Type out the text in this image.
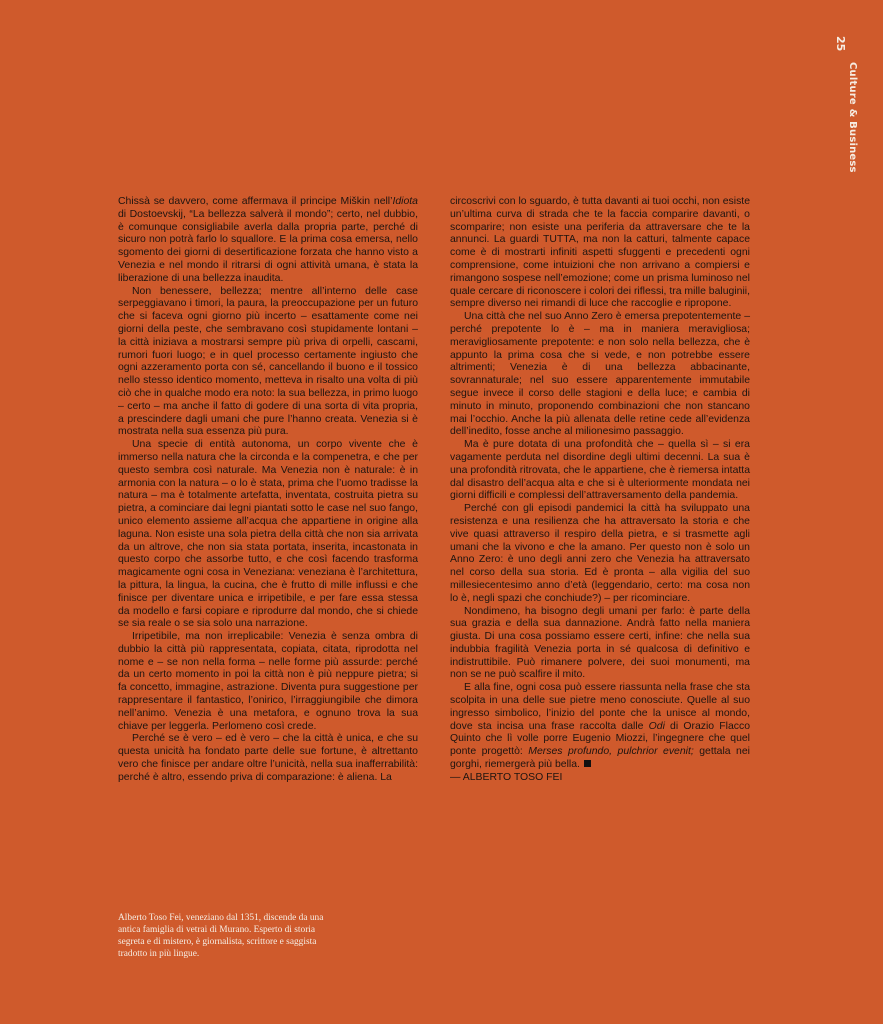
25
Culture & Business

Chissà se davvero, come affermava il principe Miškin nell’Idiota di Dostoevskij, “La bellezza salverà il mondo”; certo, nel dubbio, è comunque consigliabile averla dalla propria parte, perché di sicuro non potrà farlo lo squallore. E la prima cosa emersa, nello sgomento dei giorni di desertificazione forzata che hanno visto a Venezia e nel mondo il ritrarsi di ogni attività umana, è stata la liberazione di una bellezza inaudita.

Non benessere, bellezza; mentre all’interno delle case serpeggiavano i timori, la paura, la preoccupazione per un futuro che si faceva ogni giorno più incerto – esattamente come nei giorni della peste, che sembravano così stupidamente lontani – la città iniziava a mostrarsi sempre più priva di orpelli, cascami, rumori fuori luogo; e in quel processo certamente ingiusto che ogni azzeramento porta con sé, cancellando il buono e il tossico nello stesso identico momento, metteva in risalto una volta di più ciò che in qualche modo era noto: la sua bellezza, in primo luogo – certo – ma anche il fatto di godere di una sorta di vita propria, a prescindere dagli umani che pure l’hanno creata. Venezia si è mostrata nella sua essenza più pura.

Una specie di entità autonoma, un corpo vivente che è immerso nella natura che la circonda e la compenetra, e che per questo sembra così naturale. Ma Venezia non è naturale: è in armonia con la natura – o lo è stata, prima che l’uomo tradisse la natura – ma è totalmente artefatta, inventata, costruita pietra su pietra, a cominciare dai legni piantati sotto le case nel suo fango, unico elemento assieme all’acqua che appartiene in origine alla laguna. Non esiste una sola pietra della città che non sia arrivata da un altrove, che non sia stata portata, inserita, incastonata in questo corpo che assorbe tutto, e che così facendo trasforma magicamente ogni cosa in Veneziana: veneziana è l’architettura, la pittura, la lingua, la cucina, che è frutto di mille influssi e che finisce per diventare unica e irripetibile, e per fare essa stessa da modello e farsi copiare e riprodurre dal mondo, che si chiede se sia reale o se sia solo una narrazione.

Irripetibile, ma non irreplicabile: Venezia è senza ombra di dubbio la città più rappresentata, copiata, citata, riprodotta nel nome e – se non nella forma – nelle forme più assurde: perché da un certo momento in poi la città non è più neppure pietra; si fa concetto, immagine, astrazione. Diventa pura suggestione per rappresentare il fantastico, l’onirico, l’irraggiungibile che dimora nell’animo. Venezia è una metafora, e ognuno trova la sua chiave per leggerla. Perlomeno così crede.

Perché se è vero – ed è vero – che la città è unica, e che su questa unicità ha fondato parte delle sue fortune, è altrettanto vero che finisce per andare oltre l’unicità, nella sua inafferrabilità: perché è altro, essendo priva di comparazione: è aliena. La

circoscrivi con lo sguardo, è tutta davanti ai tuoi occhi, non esiste un’ultima curva di strada che te la faccia comparire davanti, o scomparire; non esiste una periferia da attraversare che te la annunci. La guardi TUTTA, ma non la catturi, talmente capace come è di mostrarti infiniti aspetti sfuggenti e precedenti ogni comprensione, come intuizioni che non arrivano a compiersi e rimangono sospese nell’emozione; come un prisma luminoso nel quale cercare di riconoscere i colori dei riflessi, tra mille baluginii, sempre diverso nei rimandi di luce che raccoglie e ripropone.

Una città che nel suo Anno Zero è emersa prepotentemente – perché prepotente lo è – ma in maniera meravigliosa; meravigliosamente prepotente: e non solo nella bellezza, che è appunto la prima cosa che si vede, e non potrebbe essere altrimenti; Venezia è di una bellezza abbacinante, sovrannaturale; nel suo essere apparentemente immutabile segue invece il corso delle stagioni e della luce; e cambia di minuto in minuto, proponendo combinazioni che non stancano mai l’occhio. Anche la più allenata delle retine cede all’evidenza dell’inedito, fosse anche al milionesimo passaggio.

Ma è pure dotata di una profondità che – quella sì – si era vagamente perduta nel disordine degli ultimi decenni. La sua è una profondità ritrovata, che le appartiene, che è riemersa intatta dal disastro dell’acqua alta e che si è ulteriormente mondata nei giorni difficili e complessi dell’attraversamento della pandemia.

Perché con gli episodi pandemici la città ha sviluppato una resistenza e una resilienza che ha attraversato la storia e che vive quasi attraverso il respiro della pietra, e si trasmette agli umani che la vivono e che la amano. Per questo non è solo un Anno Zero: è uno degli anni zero che Venezia ha attraversato nel corso della sua storia. Ed è pronta – alla vigilia del suo millesiecentesimo anno d’età (leggendario, certo: ma cosa non lo è, negli spazi che conchiude?) – per ricominciare.

Nondimeno, ha bisogno degli umani per farlo: è parte della sua grazia e della sua dannazione. Andrà fatto nella maniera giusta. Di una cosa possiamo essere certi, infine: che nella sua indubbia fragilità Venezia porta in sé qualcosa di definitivo e indistruttibile. Può rimanere polvere, dei suoi monumenti, ma non se ne può scalfire il mito.

E alla fine, ogni cosa può essere riassunta nella frase che sta scolpita in una delle sue pietre meno conosciute. Quelle al suo ingresso simbolico, l’inizio del ponte che la unisce al mondo, dove sta incisa una frase raccolta dalle Odi di Orazio Flacco Quinto che lì volle porre Eugenio Miozzi, l’ingegnere che quel ponte progettò: Merses profundo, pulchrior evenit; gettala nei gorghi, riemergerà più bella.

— ALBERTO TOSO FEI

Alberto Toso Fei, veneziano dal 1351, discende da una antica famiglia di vetrai di Murano. Esperto di storia segreta e di mistero, è giornalista, scrittore e saggista tradotto in più lingue.
